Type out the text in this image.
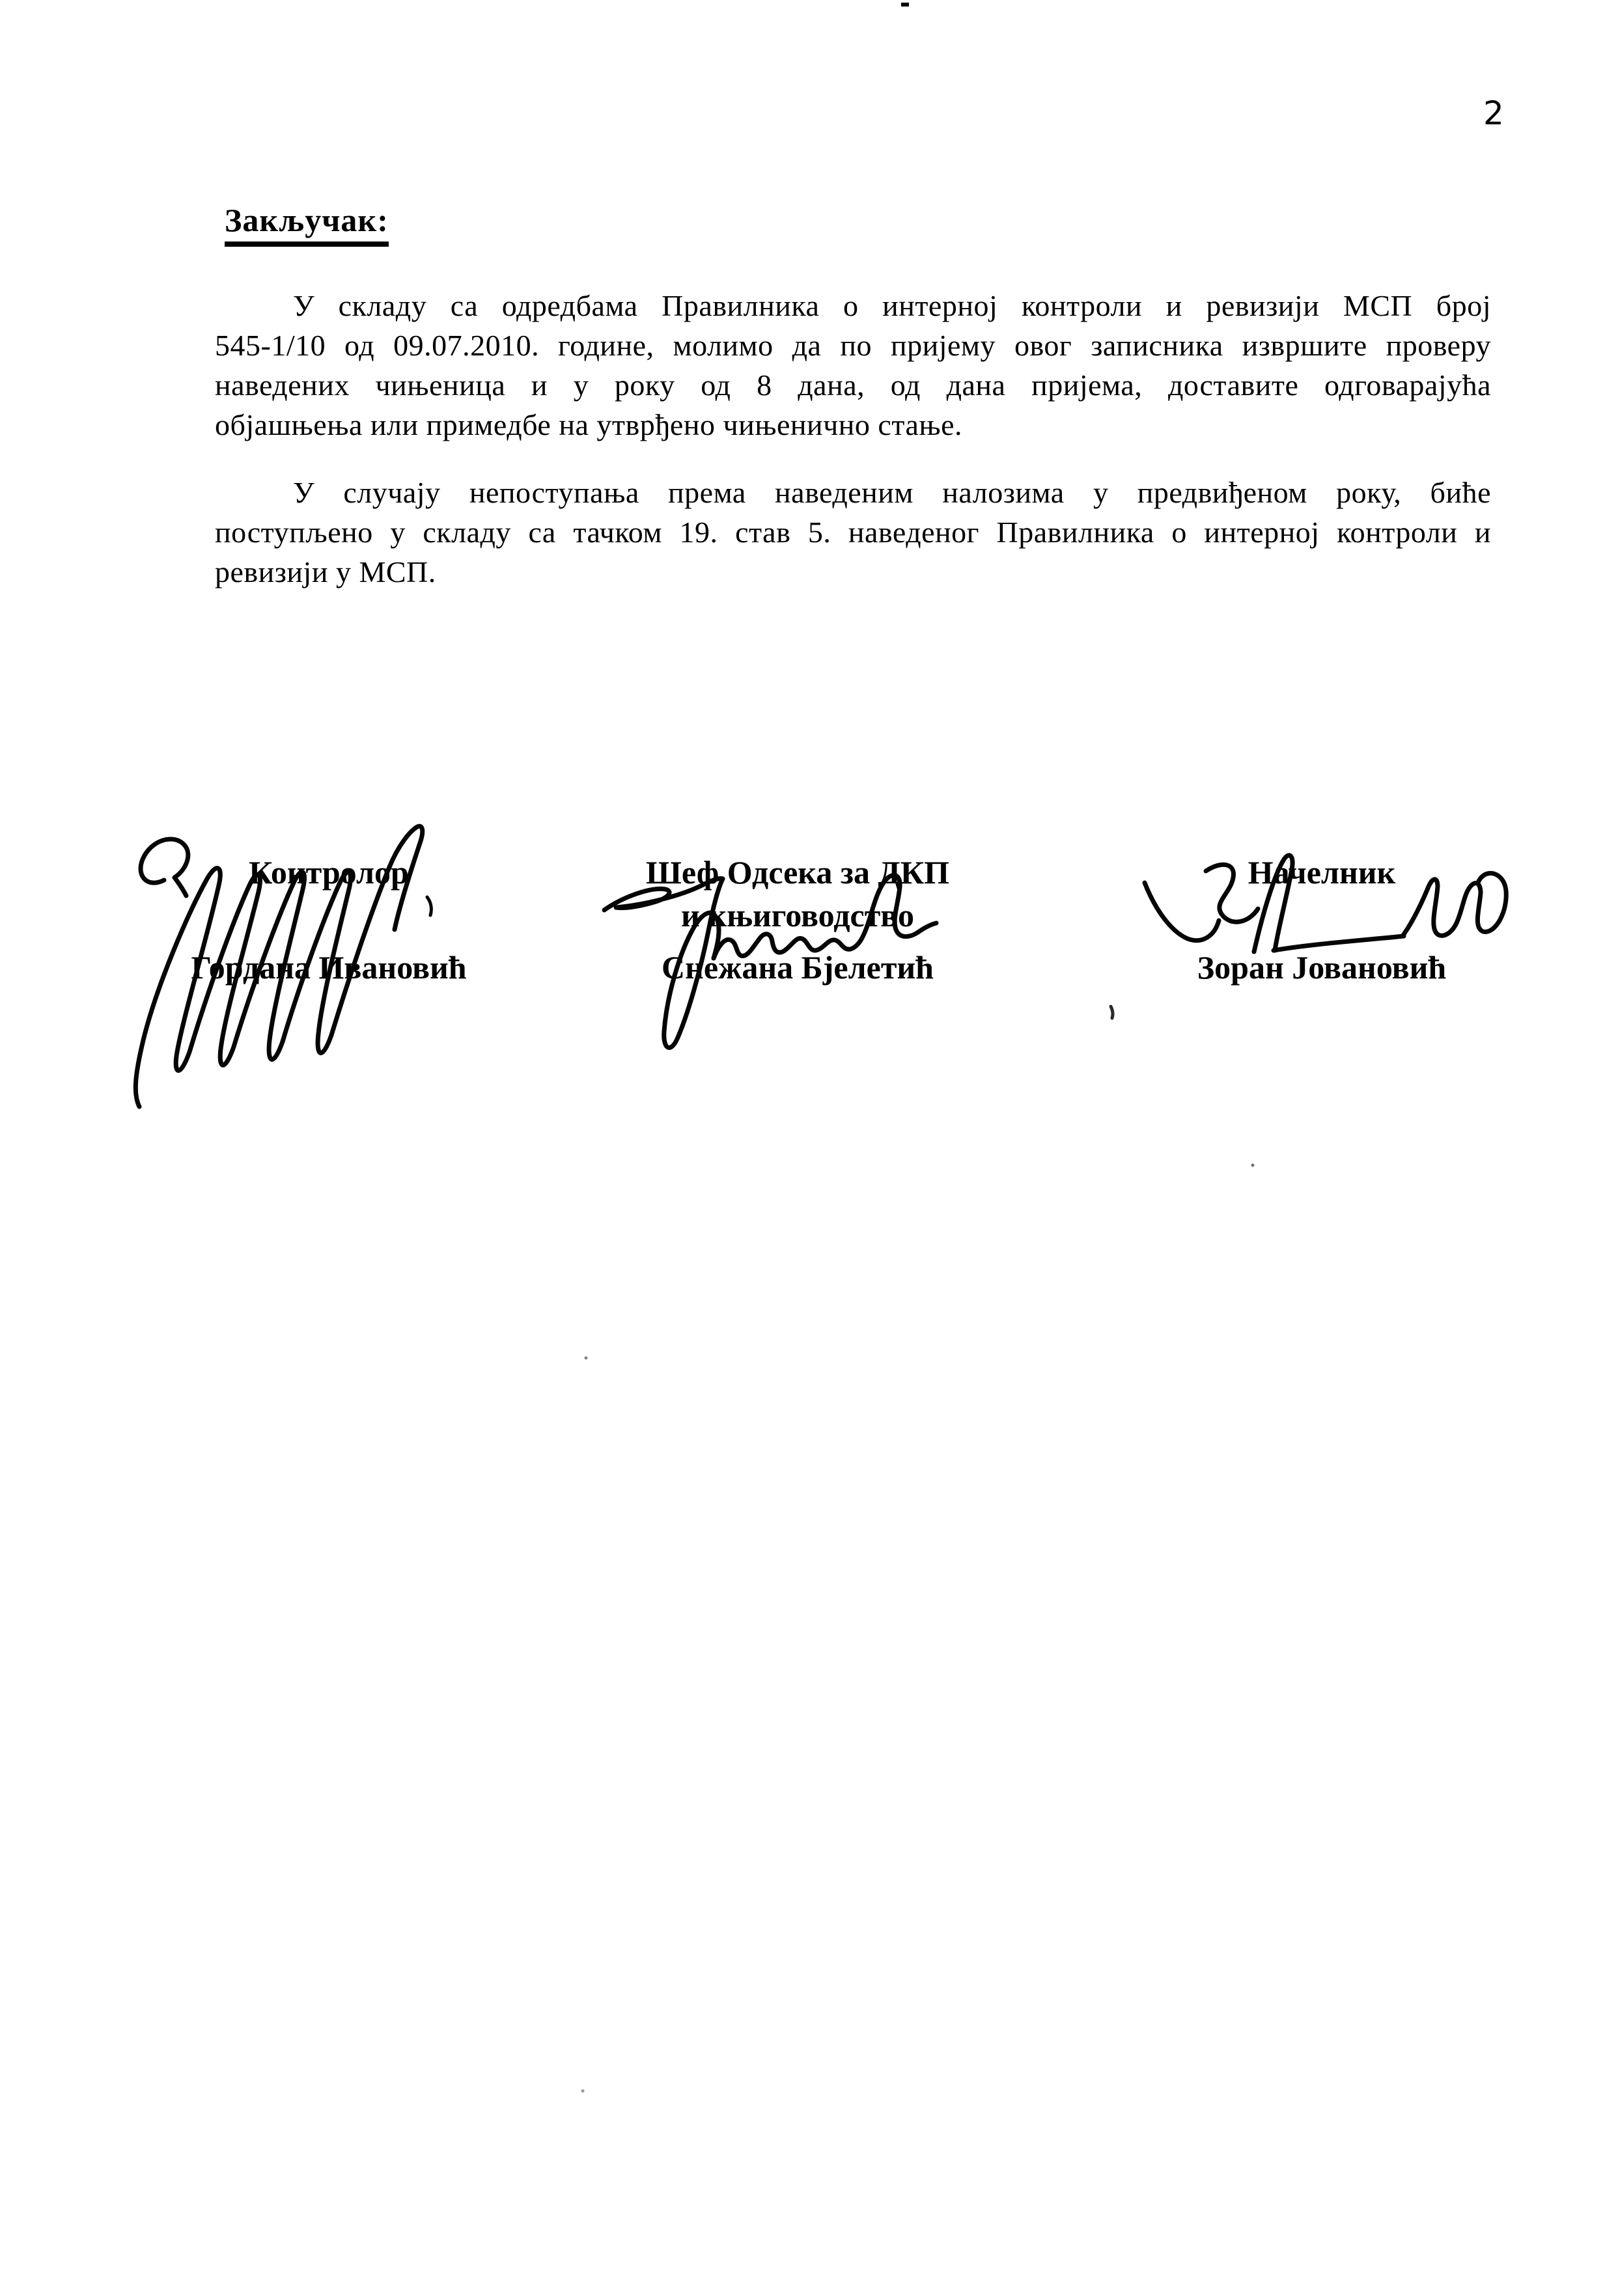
2
Закључак:
У складу са одредбама Правилника о интерној контроли и ревизији МСП број
545-1/10 од 09.07.2010. године, молимо да по пријему овог записника извршите проверу
наведених чињеница и у року од 8 дана, од дана пријема, доставите одговарајућа
објашњења или примедбе на утврђено чињенично стање.
У случају непоступања према наведеним налозима у предвиђеном року, биће
поступљено у складу са тачком 19. став 5. наведеног Правилника о интерној контроли и
ревизији у МСП.
Контролор
Гордана Ивановић
Шеф Одсека за ДКП
и књиговодство
Снежана Бјелетић
Начелник
Зоран Јовановић
